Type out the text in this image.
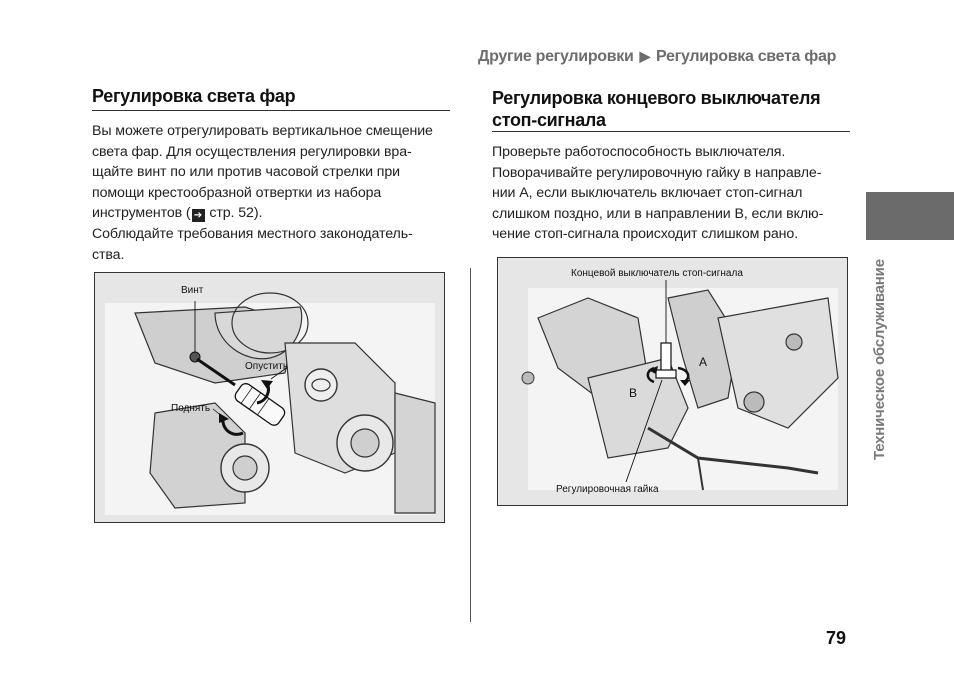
Другие регулировки ▶ Регулировка света фар
Регулировка света фар

Вы можете отрегулировать вертикальное смещение

света фар. Для осуществления регулировки вра-

щайте винт по или против часовой стрелки при

помощи крестообразной отвертки из набора

инструментов ( ➔ стр. 52).

Соблюдайте требования местного законодатель-

ства.

Винт
Опустить
Поднять
Регулировка концевого выключателя
стоп-сигнала

Проверьте работоспособность выключателя.

Поворачивайте регулировочную гайку в направле-

нии A, если выключатель включает стоп-сигнал

слишком поздно, или в направлении B, если вклю-

чение стоп-сигнала происходит слишком рано.

Концевой выключатель стоп-сигнала
A
B
Регулировочная гайка
Техническое обслуживание
79
